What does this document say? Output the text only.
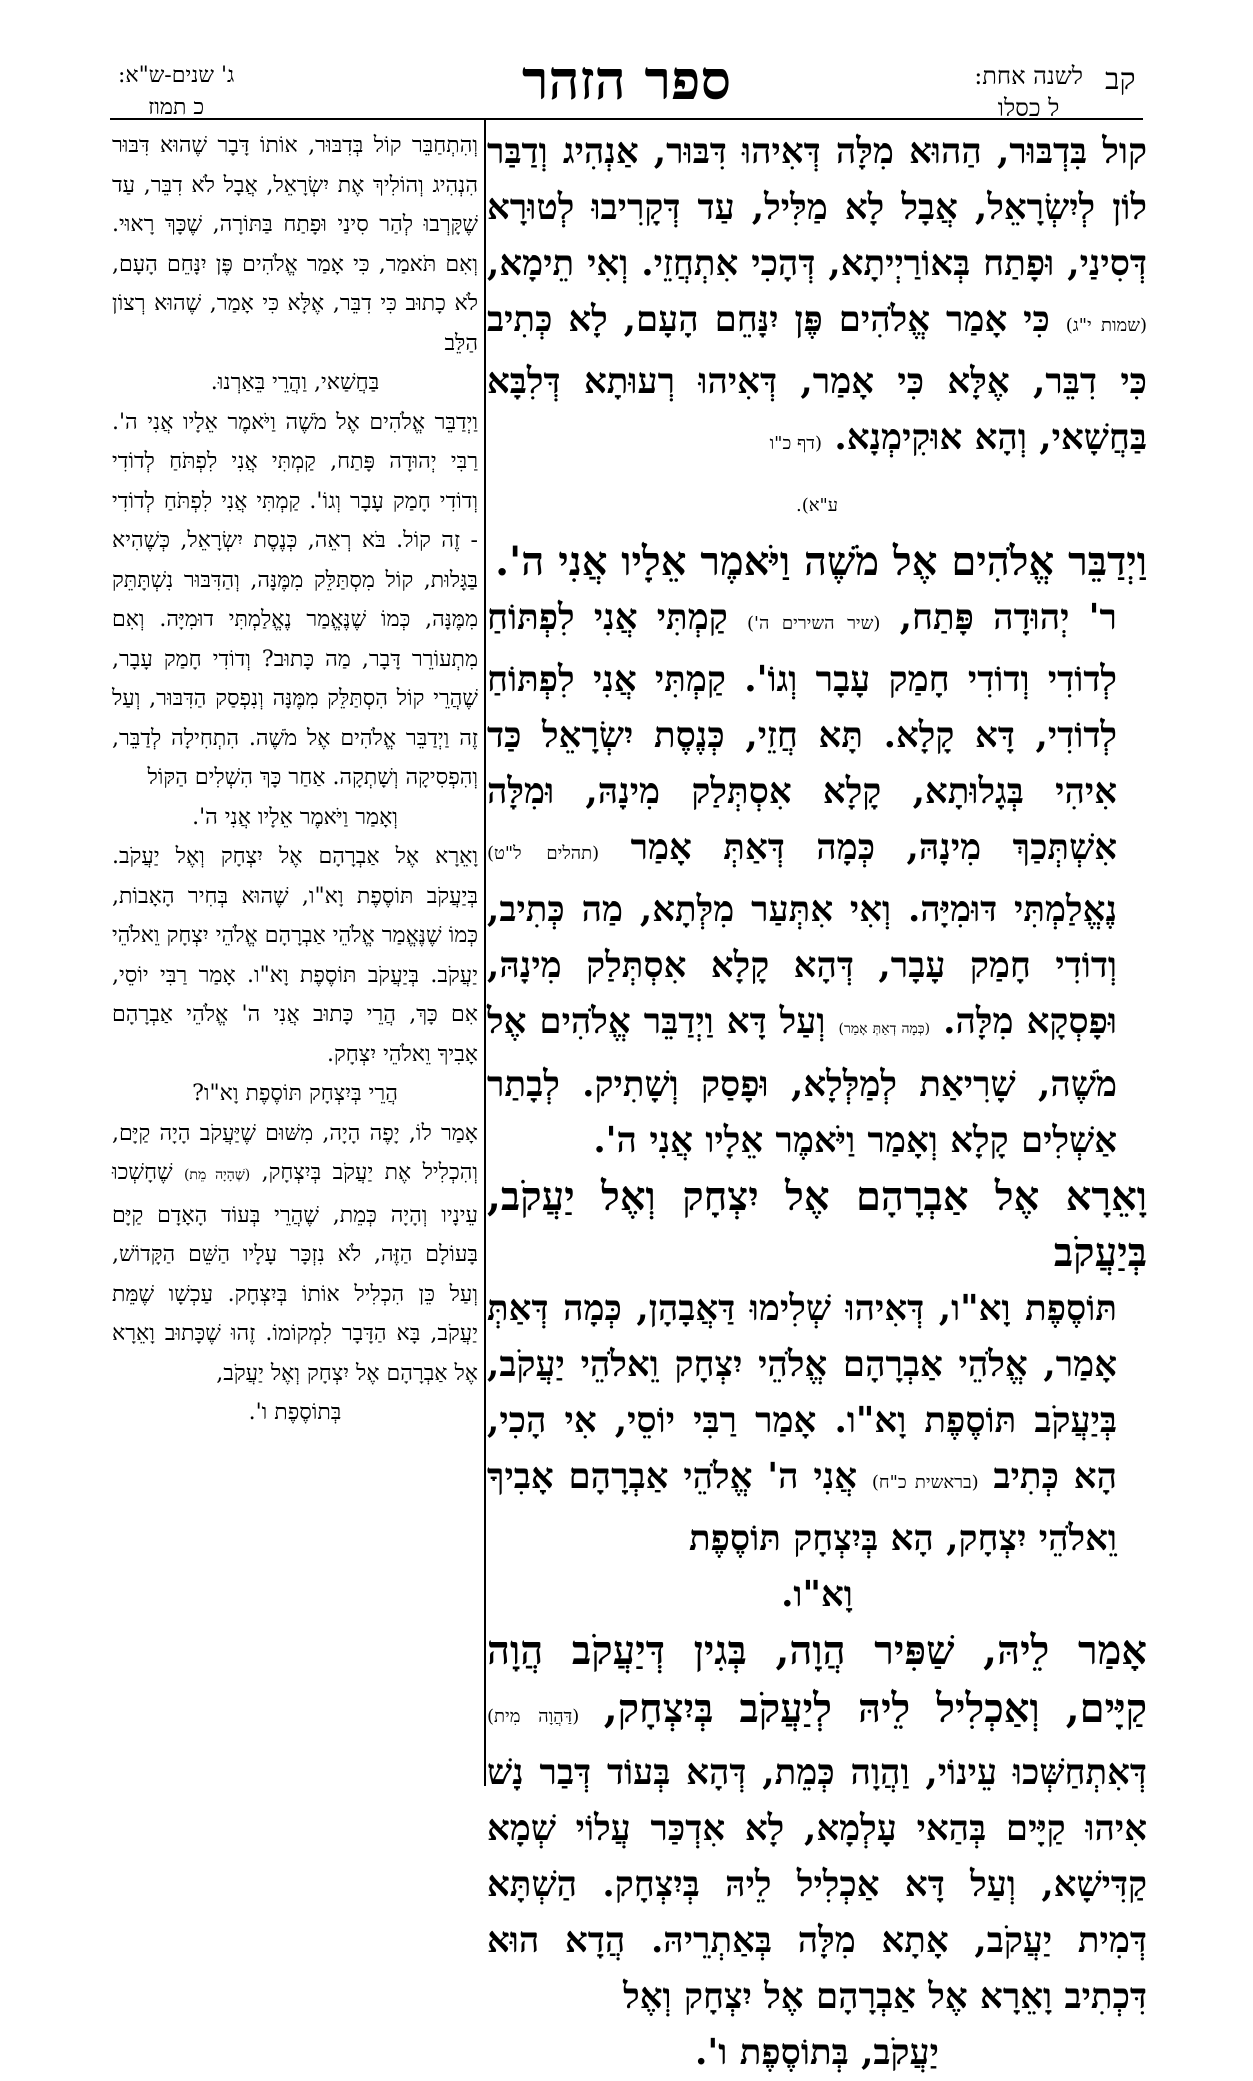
קב
לשנה אחת:
ל כסלו
ספר הזהר
ג' שנים-ש"א:
כ תמוז

קול בִּדְבּוּר, הַהוּא מִלָּה דְּאִיהוּ דִּבּוּר, אַנְהִיג וְדַבַּר לוֹן לְיִשְׂרָאֵל, אֲבָל לָא מַלִּיל, עַד דְּקָרִיבוּ לְטוּרָא דְּסִינַי, וּפָתַח בְּאוֹרַיְיתָא, דְּהָכִי אִתְחֲזֵי. וְאִי תֵימָא, (שמות י"ג) כִּי אָמַר אֱלֹהִים פֶּן יִנָּחֵם הָעָם, לָא כְּתִיב כִּי דִבֵּר, אֶלָּא כִּי אָמַר, דְּאִיהוּ רְעוּתָא דְּלִבָּא בַּחֲשָׁאי, וְהָא אוּקִימְנָא. (דף כ"ו

ע"א).

וַיְדַבֵּר אֱלֹהִים אֶל מֹשֶׁה וַיֹּאמֶר אֵלָיו אֲנִי ה'.

ר' יְהוּדָה פָּתַח, (שיר השירים ה') קַמְתִּי אֲנִי לִפְתּוֹחַ לְדוֹדִי וְדוֹדִי חָמַק עָבָר וְגוֹ'. קַמְתִּי אֲנִי לִפְתּוֹחַ לְדוֹדִי, דָּא קָלָא. תָּא חֲזֵי, כְּנֶסֶת יִשְׂרָאֵל כַּד אִיהִי בְּגָלוּתָא, קָלָא אִסְתְּלַק מִינָהּ, וּמִלָּה אִשְׁתְּכַךְ מִינָהּ, כְּמָה דְּאַתְּ אָמַר (תהלים ל"ט) נֶאֱלַמְתִּי דּוּמִיָּה. וְאִי אִתְּעַר מִלְּתָא, מַה כְּתִיב, וְדוֹדִי חָמַק עָבָר, דְּהָא קָלָא אִסְתְּלַק מִינָהּ, וּפָסְקָא מִלָּה. (כְּמָה דְאַתְּ אָמַר) וְעַל דָּא וַיְדַבֵּר אֱלֹהִים אֶל מֹשֶׁה, שָׁרִיאַת לְמַלְּלָא, וּפָסַק וְשָׁתִיק. לְבָתַר אַשְׁלִים קָלָא וְאָמַר וַיֹּאמֶר אֵלָיו אֲנִי ה'.

וָאֵרָא אֶל אַבְרָהָם אֶל יִצְחָק וְאֶל יַעֲקֹב, בְּיַעֲקֹב

תּוֹסֶפֶת וָא"ו, דְּאִיהוּ שְׁלִימוּ דַּאֲבָהָן, כְּמָה דְּאַתְּ אָמַר, אֱלֹהֵי אַבְרָהָם אֱלֹהֵי יִצְחָק וֵאלֹהֵי יַעֲקֹב, בְּיַעֲקֹב תּוֹסֶפֶת וָא"ו. אָמַר רַבִּי יוֹסֵי, אִי הָכִי, הָא כְּתִיב (בראשית כ"ח) אֲנִי ה' אֱלֹהֵי אַבְרָהָם אָבִיךָ וֵאלֹהֵי יִצְחָק, הָא בְּיִצְחָק תּוֹסֶפֶת

וָא"ו.

אָמַר לֵיהּ, שַׁפִּיר הֲוָה, בְּגִין דְּיַעֲקֹב הֲוָה קַיָּים, וְאַכְלִיל לֵיהּ לְיַעֲקֹב בְּיִצְחָק, (דַּהֲוָה מִית) דְּאִתְחַשְּׁכוּ עֵינוֹי, וַהֲוָה כְּמֵת, דְּהָא בְּעוֹד דְּבַר נָשׁ אִיהוּ קַיָּים בְּהַאי עָלְמָא, לָא אִדְכַּר עֲלוֹי שְׁמָא קַדִּישָׁא, וְעַל דָּא אַכְלִיל לֵיהּ בְּיִצְחָק. הַשְׁתָּא דְּמִית יַעֲקֹב, אָתָא מִלָּה בְּאַתְרֵיהּ. הֲדָא הוּא דִּכְתִיב וָאֵרָא אֶל אַבְרָהָם אֶל יִצְחָק וְאֶל

יַעֲקֹב, בְּתוֹסֶפֶת ו'.

וְהִתְחַבֵּר קוֹל בְּדִבּוּר, אוֹתוֹ דָּבָר שֶׁהוּא דִּבּוּר הִנְהִיג וְהוֹלִיךְ אֶת יִשְׂרָאֵל, אֲבָל לֹא דִבֵּר, עַד שֶׁקָּרְבוּ לְהַר סִינַי וּפָתַח בַּתּוֹרָה, שֶׁכָּךְ רָאוּי. וְאִם תֹּאמַר, כִּי אָמַר אֱלֹהִים פֶּן יִנָּחֵם הָעָם, לֹא כָתוּב כִּי דִבֵּר, אֶלָּא כִּי אָמַר, שֶׁהוּא רְצוֹן הַלֵּב

בַּחֲשַׁאי, וַהֲרֵי בֵּאַרְנוּ.

וַיְדַבֵּר אֱלֹהִים אֶל מֹשֶׁה וַיֹּאמֶר אֵלָיו אֲנִי ה'. רַבִּי יְהוּדָה פָּתַח, קַמְתִּי אֲנִי לִפְתֹּחַ לְדוֹדִי וְדוֹדִי חָמַק עָבָר וְגוֹ'. קַמְתִּי אֲנִי לִפְתֹּחַ לְדוֹדִי - זֶה קוֹל. בֹּא רְאֵה, כְּנֶסֶת יִשְׂרָאֵל, כְּשֶׁהִיא בַּגָּלוּת, קוֹל מִסְתַּלֵּק מִמֶּנָּה, וְהַדִּבּוּר נִשְׁתָּתֵּק מִמֶּנָּה, כְּמוֹ שֶׁנֶּאֱמַר נֶאֱלַמְתִּי דוּמִיָּה. וְאִם מִתְעוֹרֵר דָּבָר, מַה כָּתוּב? וְדוֹדִי חָמַק עָבָר, שֶׁהֲרֵי קוֹל הִסְתַּלֵּק מִמֶּנָּה וְנִפְסַק הַדִּבּוּר, וְעַל זֶה וַיְדַבֵּר אֱלֹהִים אֶל מֹשֶׁה. הִתְחִילָה לְדַבֵּר, וְהִפְסִיקָה וְשָׁתְקָה. אַחַר כָּךְ הִשְׁלִים הַקּוֹל

וְאָמַר וַיֹּאמֶר אֵלָיו אֲנִי ה'.

וָאֵרָא אֶל אַבְרָהָם אֶל יִצְחָק וְאֶל יַעֲקֹב. בְּיַעֲקֹב תּוֹסֶפֶת וָא"ו, שֶׁהוּא בְּחִיר הָאָבוֹת, כְּמוֹ שֶׁנֶּאֱמַר אֱלֹהֵי אַבְרָהָם אֱלֹהֵי יִצְחָק וֵאלֹהֵי יַעֲקֹב. בְּיַעֲקֹב תּוֹסֶפֶת וָא"ו. אָמַר רַבִּי יוֹסֵי, אִם כָּךְ, הֲרֵי כָּתוּב אֲנִי ה' אֱלֹהֵי אַבְרָהָם אָבִיךָ וֵאלֹהֵי יִצְחָק.

הֲרֵי בְּיִצְחָק תּוֹסֶפֶת וָא"ו?

אָמַר לוֹ, יָפֶה הָיָה, מִשּׁוּם שֶׁיַּעֲקֹב הָיָה קַיָּם, וְהִכְלִיל אֶת יַעֲקֹב בְּיִצְחָק, (שֶׁהָיָה מֵת) שֶׁחָשְׁכוּ עֵינָיו וְהָיָה כְּמֵת, שֶׁהֲרֵי בְּעוֹד הָאָדָם קַיָּם בָּעוֹלָם הַזֶּה, לֹא נִזְכָּר עָלָיו הַשֵּׁם הַקָּדוֹשׁ, וְעַל כֵּן הִכְלִיל אוֹתוֹ בְּיִצְחָק. עַכְשָׁו שֶׁמֵּת יַעֲקֹב, בָּא הַדָּבָר לִמְקוֹמוֹ. זֶהוּ שֶׁכָּתוּב וָאֵרָא אֶל אַבְרָהָם אֶל יִצְחָק וְאֶל יַעֲקֹב,

בְּתוֹסֶפֶת ו'.
